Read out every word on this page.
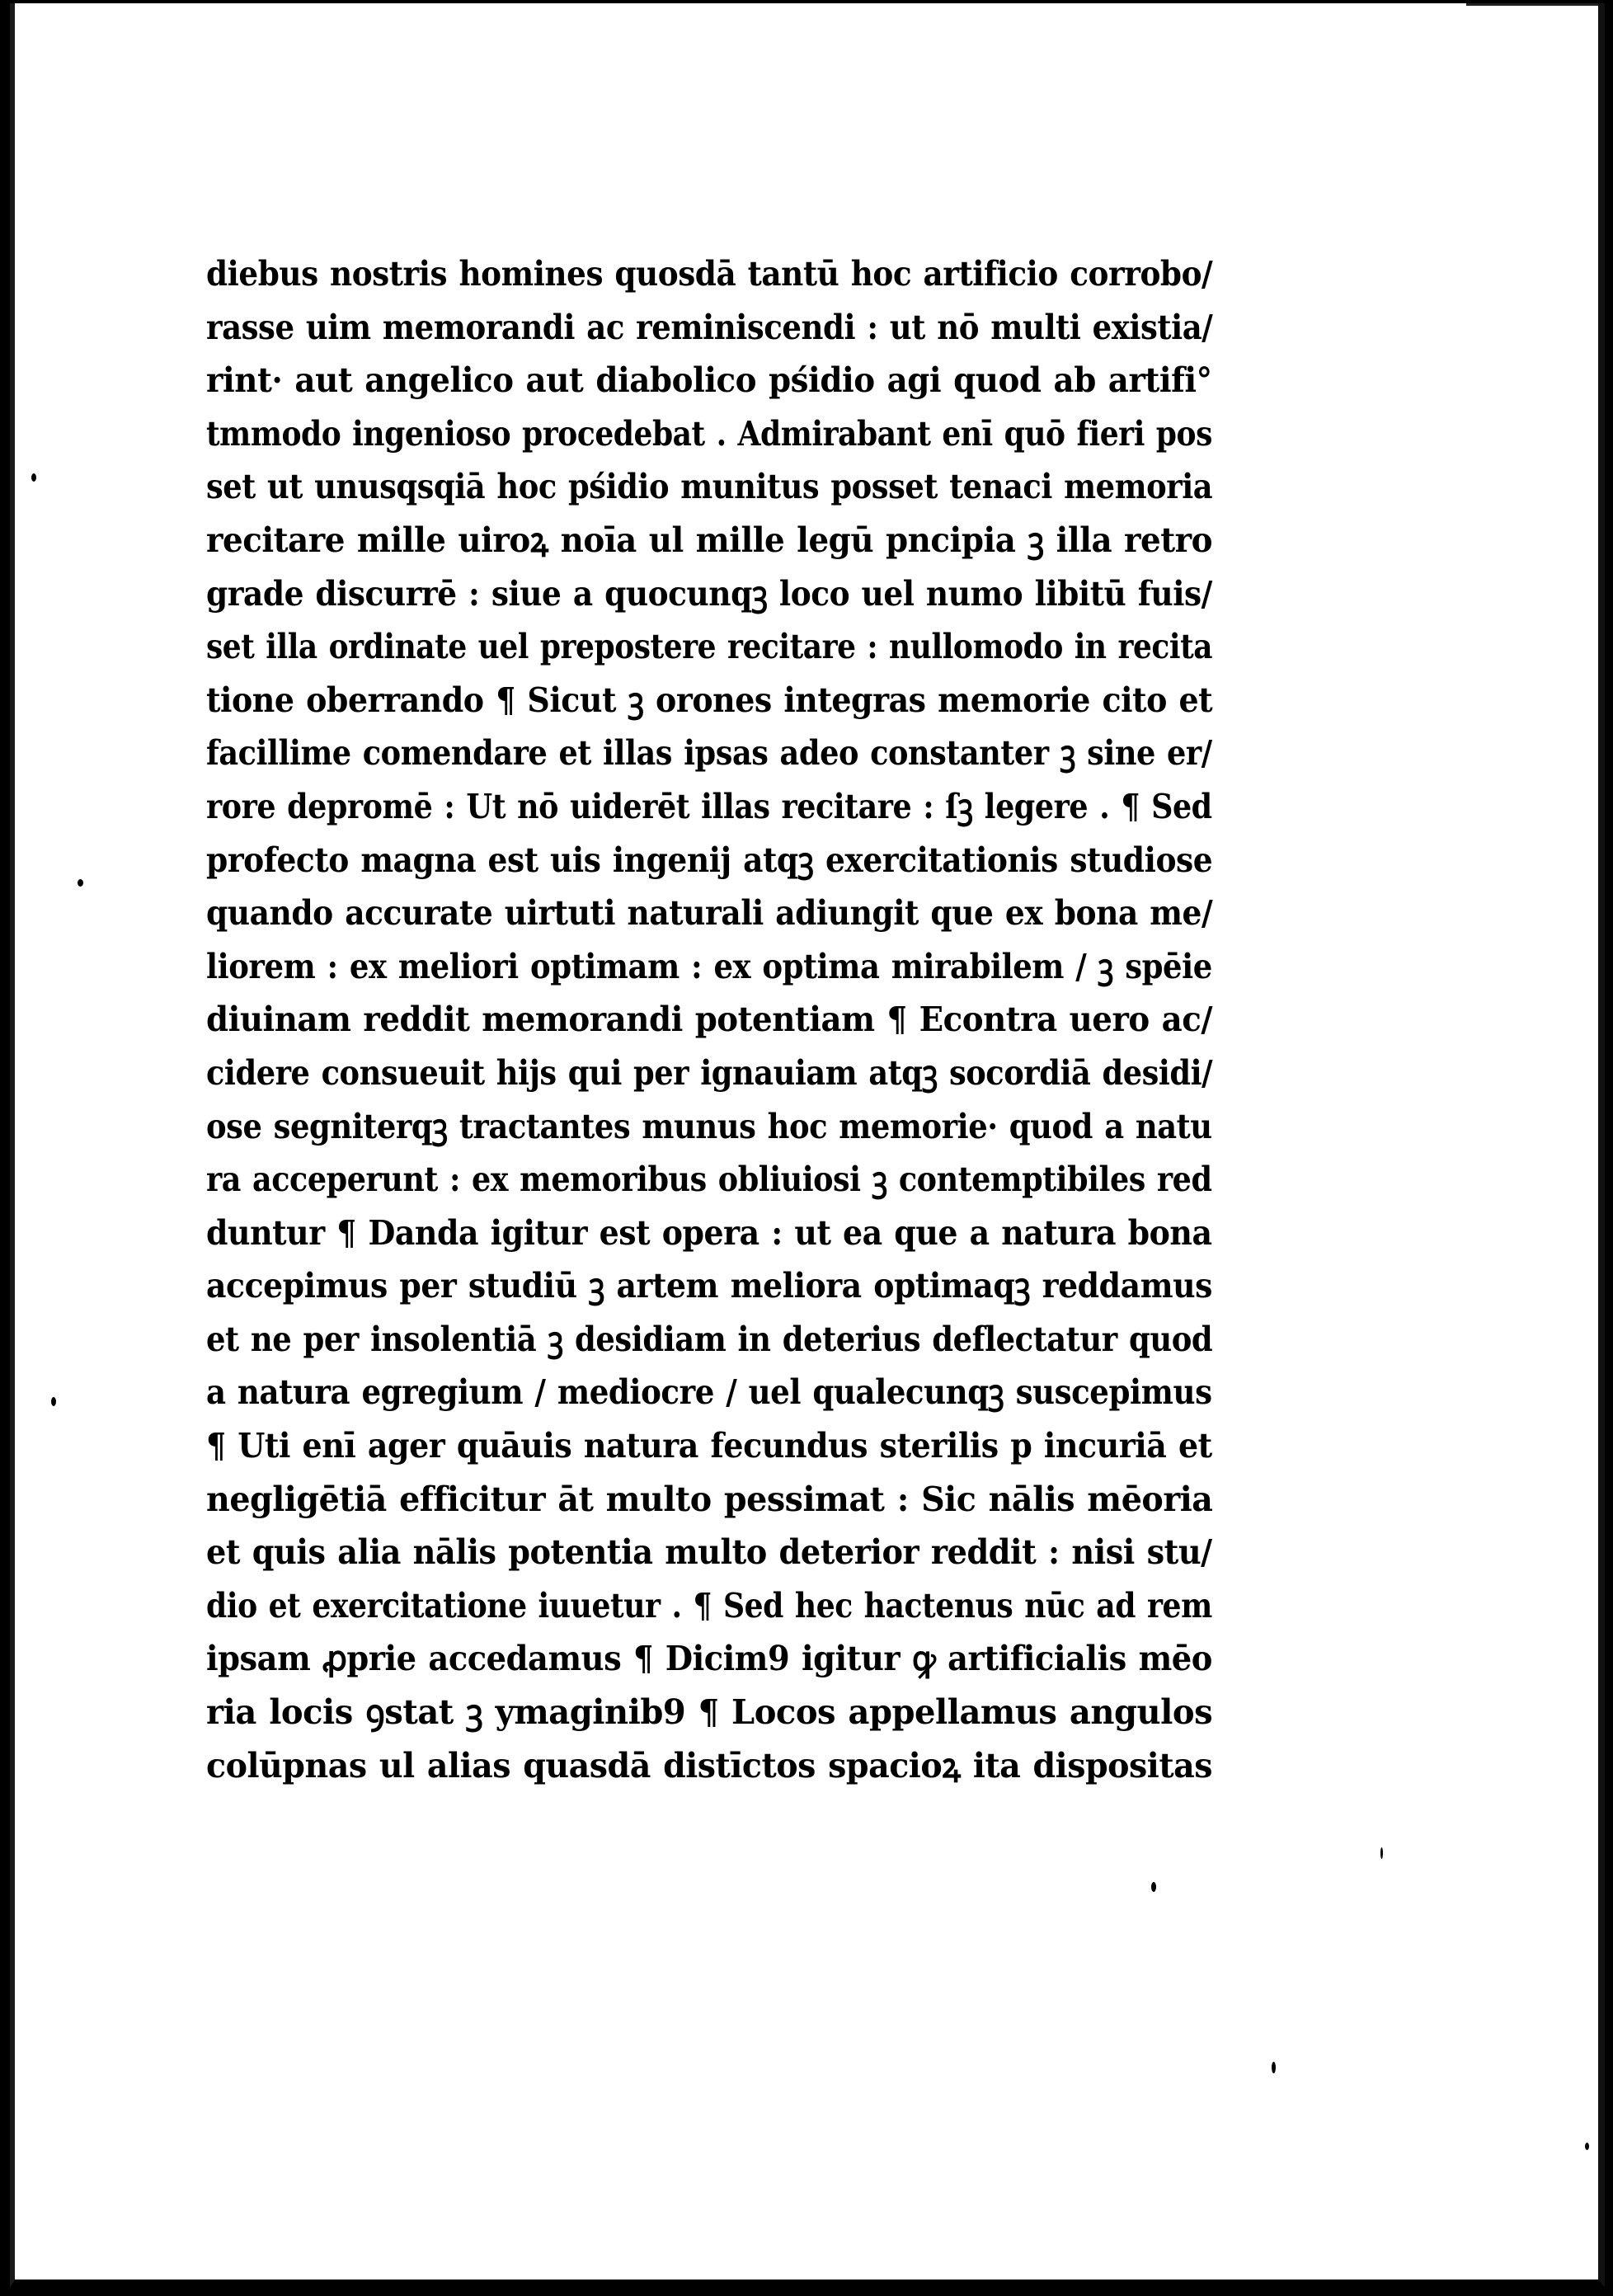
diebus nostris homines quosdā tantū hoc artificio corrobo/
rasse uim memorandi ac reminiscendi : ut nō multi existia/
rint· aut angelico aut diabolico pśidio agi quod ab artifi°
tmmodo ingenioso procedebat . Admirabant enī quō fieri pos
set ut unusqsqiā hoc pśidio munitus posset tenaci memoria
recitare mille uiroꝝ noīa ul mille legū pncipia ꝫ illa retro
grade discurrē : siue a quocunqꝫ loco uel numo libitū fuis/
set illa ordinate uel prepostere recitare : nullomodo in recita
tione oberrando ¶ Sicut ꝫ orones integras memorie cito et
facillime comendare et illas ipsas adeo constanter ꝫ sine er/
rore depromē : Ut nō uiderēt illas recitare : ſꝫ legere . ¶ Sed
profecto magna est uis ingenij atqꝫ exercitationis studiose
quando accurate uirtuti naturali adiungit que ex bona me/
liorem : ex meliori optimam : ex optima mirabilem / ꝫ spēie
diuinam reddit memorandi potentiam ¶ Econtra uero ac/
cidere consueuit hijs qui per ignauiam atqꝫ socordiā desidi/
ose segniterqꝫ tractantes munus hoc memorie· quod a natu
ra acceperunt : ex memoribus obliuiosi ꝫ contemptibiles red
duntur ¶ Danda igitur est opera : ut ea que a natura bona
accepimus per studiū ꝫ artem meliora optimaqꝫ reddamus
et ne per insolentiā ꝫ desidiam in deterius deflectatur quod
a natura egregium / mediocre / uel qualecunqꝫ suscepimus
¶ Uti enī ager quāuis natura fecundus sterilis p incuriā et
negligētiā efficitur āt multo pessimat : Sic nālis mēoria
et quis alia nālis potentia multo deterior reddit : nisi stu/
dio et exercitatione iuuetur . ¶ Sed hec hactenus nūc ad rem
ipsam ꝓprie accedamus ¶ Dicim9 igitur ꝙ artificialis mēo
ria locis ꝯstat ꝫ ymaginib9 ¶ Locos appellamus angulos
colūpnas ul alias quasdā distīctos spacioꝝ ita dispositas
